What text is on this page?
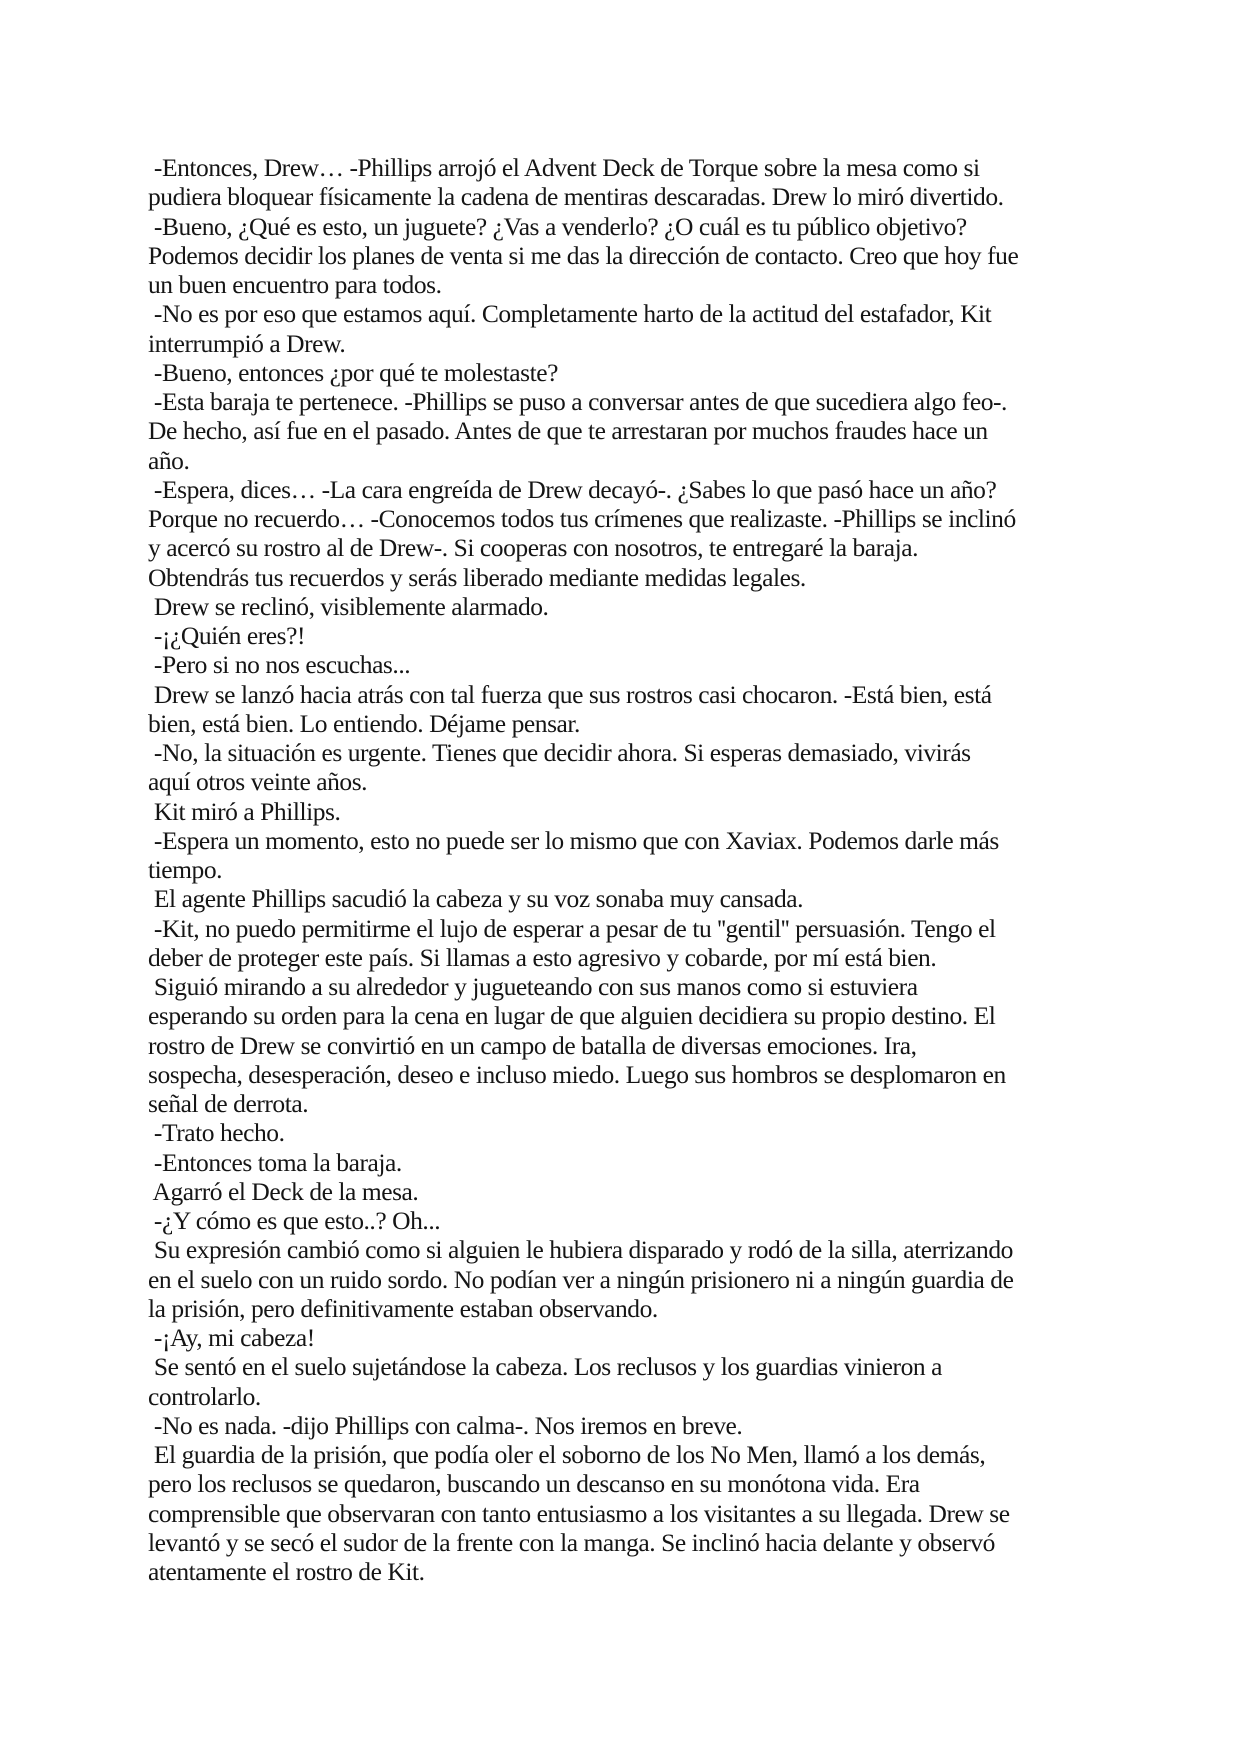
-Entonces, Drew… -Phillips arrojó el Advent Deck de Torque sobre la mesa como si
pudiera bloquear físicamente la cadena de mentiras descaradas. Drew lo miró divertido.
-Bueno, ¿Qué es esto, un juguete? ¿Vas a venderlo? ¿O cuál es tu público objetivo?
Podemos decidir los planes de venta si me das la dirección de contacto. Creo que hoy fue
un buen encuentro para todos.
-No es por eso que estamos aquí. Completamente harto de la actitud del estafador, Kit
interrumpió a Drew.
-Bueno, entonces ¿por qué te molestaste?
-Esta baraja te pertenece. -Phillips se puso a conversar antes de que sucediera algo feo-.
De hecho, así fue en el pasado. Antes de que te arrestaran por muchos fraudes hace un
año.
-Espera, dices… -La cara engreída de Drew decayó-. ¿Sabes lo que pasó hace un año?
Porque no recuerdo… -Conocemos todos tus crímenes que realizaste. -Phillips se inclinó
y acercó su rostro al de Drew-. Si cooperas con nosotros, te entregaré la baraja.
Obtendrás tus recuerdos y serás liberado mediante medidas legales.
Drew se reclinó, visiblemente alarmado.
-¡¿Quién eres?!
-Pero si no nos escuchas...
Drew se lanzó hacia atrás con tal fuerza que sus rostros casi chocaron. -Está bien, está
bien, está bien. Lo entiendo. Déjame pensar.
-No, la situación es urgente. Tienes que decidir ahora. Si esperas demasiado, vivirás
aquí otros veinte años.
Kit miró a Phillips.
-Espera un momento, esto no puede ser lo mismo que con Xaviax. Podemos darle más
tiempo.
El agente Phillips sacudió la cabeza y su voz sonaba muy cansada.
-Kit, no puedo permitirme el lujo de esperar a pesar de tu ''gentil'' persuasión. Tengo el
deber de proteger este país. Si llamas a esto agresivo y cobarde, por mí está bien.
Siguió mirando a su alrededor y jugueteando con sus manos como si estuviera
esperando su orden para la cena en lugar de que alguien decidiera su propio destino. El
rostro de Drew se convirtió en un campo de batalla de diversas emociones. Ira,
sospecha, desesperación, deseo e incluso miedo. Luego sus hombros se desplomaron en
señal de derrota.
-Trato hecho.
-Entonces toma la baraja.
Agarró el Deck de la mesa.
-¿Y cómo es que esto..? Oh...
Su expresión cambió como si alguien le hubiera disparado y rodó de la silla, aterrizando
en el suelo con un ruido sordo. No podían ver a ningún prisionero ni a ningún guardia de
la prisión, pero definitivamente estaban observando.
-¡Ay, mi cabeza!
Se sentó en el suelo sujetándose la cabeza. Los reclusos y los guardias vinieron a
controlarlo.
-No es nada. -dijo Phillips con calma-. Nos iremos en breve.
El guardia de la prisión, que podía oler el soborno de los No Men, llamó a los demás,
pero los reclusos se quedaron, buscando un descanso en su monótona vida. Era
comprensible que observaran con tanto entusiasmo a los visitantes a su llegada. Drew se
levantó y se secó el sudor de la frente con la manga. Se inclinó hacia delante y observó
atentamente el rostro de Kit.
